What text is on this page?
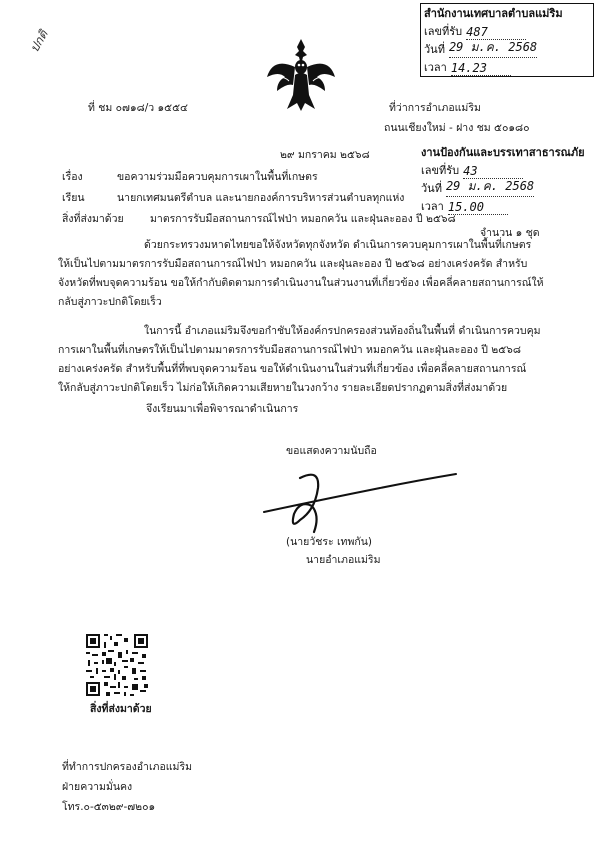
สำนักงานเทศบาลตำบลแม่ริม
เลขที่รับ 487
วันที่ 29 ม.ค. 2568
เวลา 14.23
ปกติ
ที่ ชม ๐๗๑๘/ว ๑๕๕๔	ที่ว่าการอำเภอแม่ริม
ถนนเชียงใหม่ - ฝาง ชม ๕๐๑๘๐
๒๙ มกราคม ๒๕๖๘	งานป้องกันและบรรเทาสาธารณภัย
เลขที่รับ 43
วันที่ 29 ม.ค. 2568
เวลา 15.00
เรื่อง	ขอความร่วมมือควบคุมการเผาในพื้นที่เกษตร
เรียน	นายกเทศมนตรีตำบล และนายกองค์การบริหารส่วนตำบลทุกแห่ง
สิ่งที่ส่งมาด้วย	มาตรการรับมือสถานการณ์ไฟป่า หมอกควัน และฝุ่นละออง ปี ๒๕๖๘
จำนวน ๑ ชุด
ด้วยกระทรวงมหาดไทยขอให้จังหวัดทุกจังหวัด ดำเนินการควบคุมการเผาในพื้นที่เกษตร
ให้เป็นไปตามมาตรการรับมือสถานการณ์ไฟป่า หมอกควัน และฝุ่นละออง ปี ๒๕๖๘ อย่างเคร่งครัด สำหรับ
จังหวัดที่พบจุดความร้อน ขอให้กำกับติดตามการดำเนินงานในส่วนงานที่เกี่ยวข้อง เพื่อคลี่คลายสถานการณ์ให้
กลับสู่ภาวะปกติโดยเร็ว
ในการนี้ อำเภอแม่ริมจึงขอกำชับให้องค์กรปกครองส่วนท้องถิ่นในพื้นที่ ดำเนินการควบคุม
การเผาในพื้นที่เกษตรให้เป็นไปตามมาตรการรับมือสถานการณ์ไฟป่า หมอกควัน และฝุ่นละออง ปี ๒๕๖๘
อย่างเคร่งครัด สำหรับพื้นที่ที่พบจุดความร้อน ขอให้ดำเนินงานในส่วนที่เกี่ยวข้อง เพื่อคลี่คลายสถานการณ์
ให้กลับสู่ภาวะปกติโดยเร็ว ไม่ก่อให้เกิดความเสียหายในวงกว้าง รายละเอียดปรากฏตามสิ่งที่ส่งมาด้วย
จึงเรียนมาเพื่อพิจารณาดำเนินการ
ขอแสดงความนับถือ
(นายวัชระ เทพกัน)
นายอำเภอแม่ริม
สิ่งที่ส่งมาด้วย
ที่ทำการปกครองอำเภอแม่ริม
ฝ่ายความมั่นคง
โทร.๐-๕๓๒๙-๗๒๐๑
